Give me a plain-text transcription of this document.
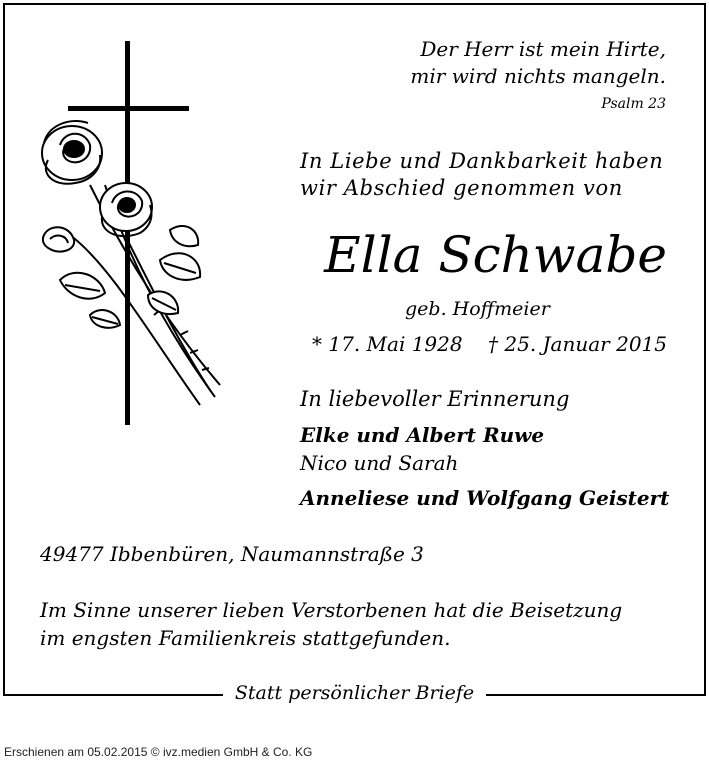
Der Herr ist mein Hirte,
mir wird nichts mangeln.
Psalm 23
In Liebe und Dankbarkeit haben
wir Abschied genommen von
Ella Schwabe
geb. Hoffmeier
* 17. Mai 1928    † 25. Januar 2015
In liebevoller Erinnerung
Elke und Albert Ruwe
Nico und Sarah
Anneliese und Wolfgang Geistert
49477 Ibbenbüren, Naumannstraße 3
Im Sinne unserer lieben Verstorbenen hat die Beisetzung
im engsten Familienkreis stattgefunden.
Statt persönlicher Briefe
Erschienen am 05.02.2015 © ivz.medien GmbH & Co. KG
